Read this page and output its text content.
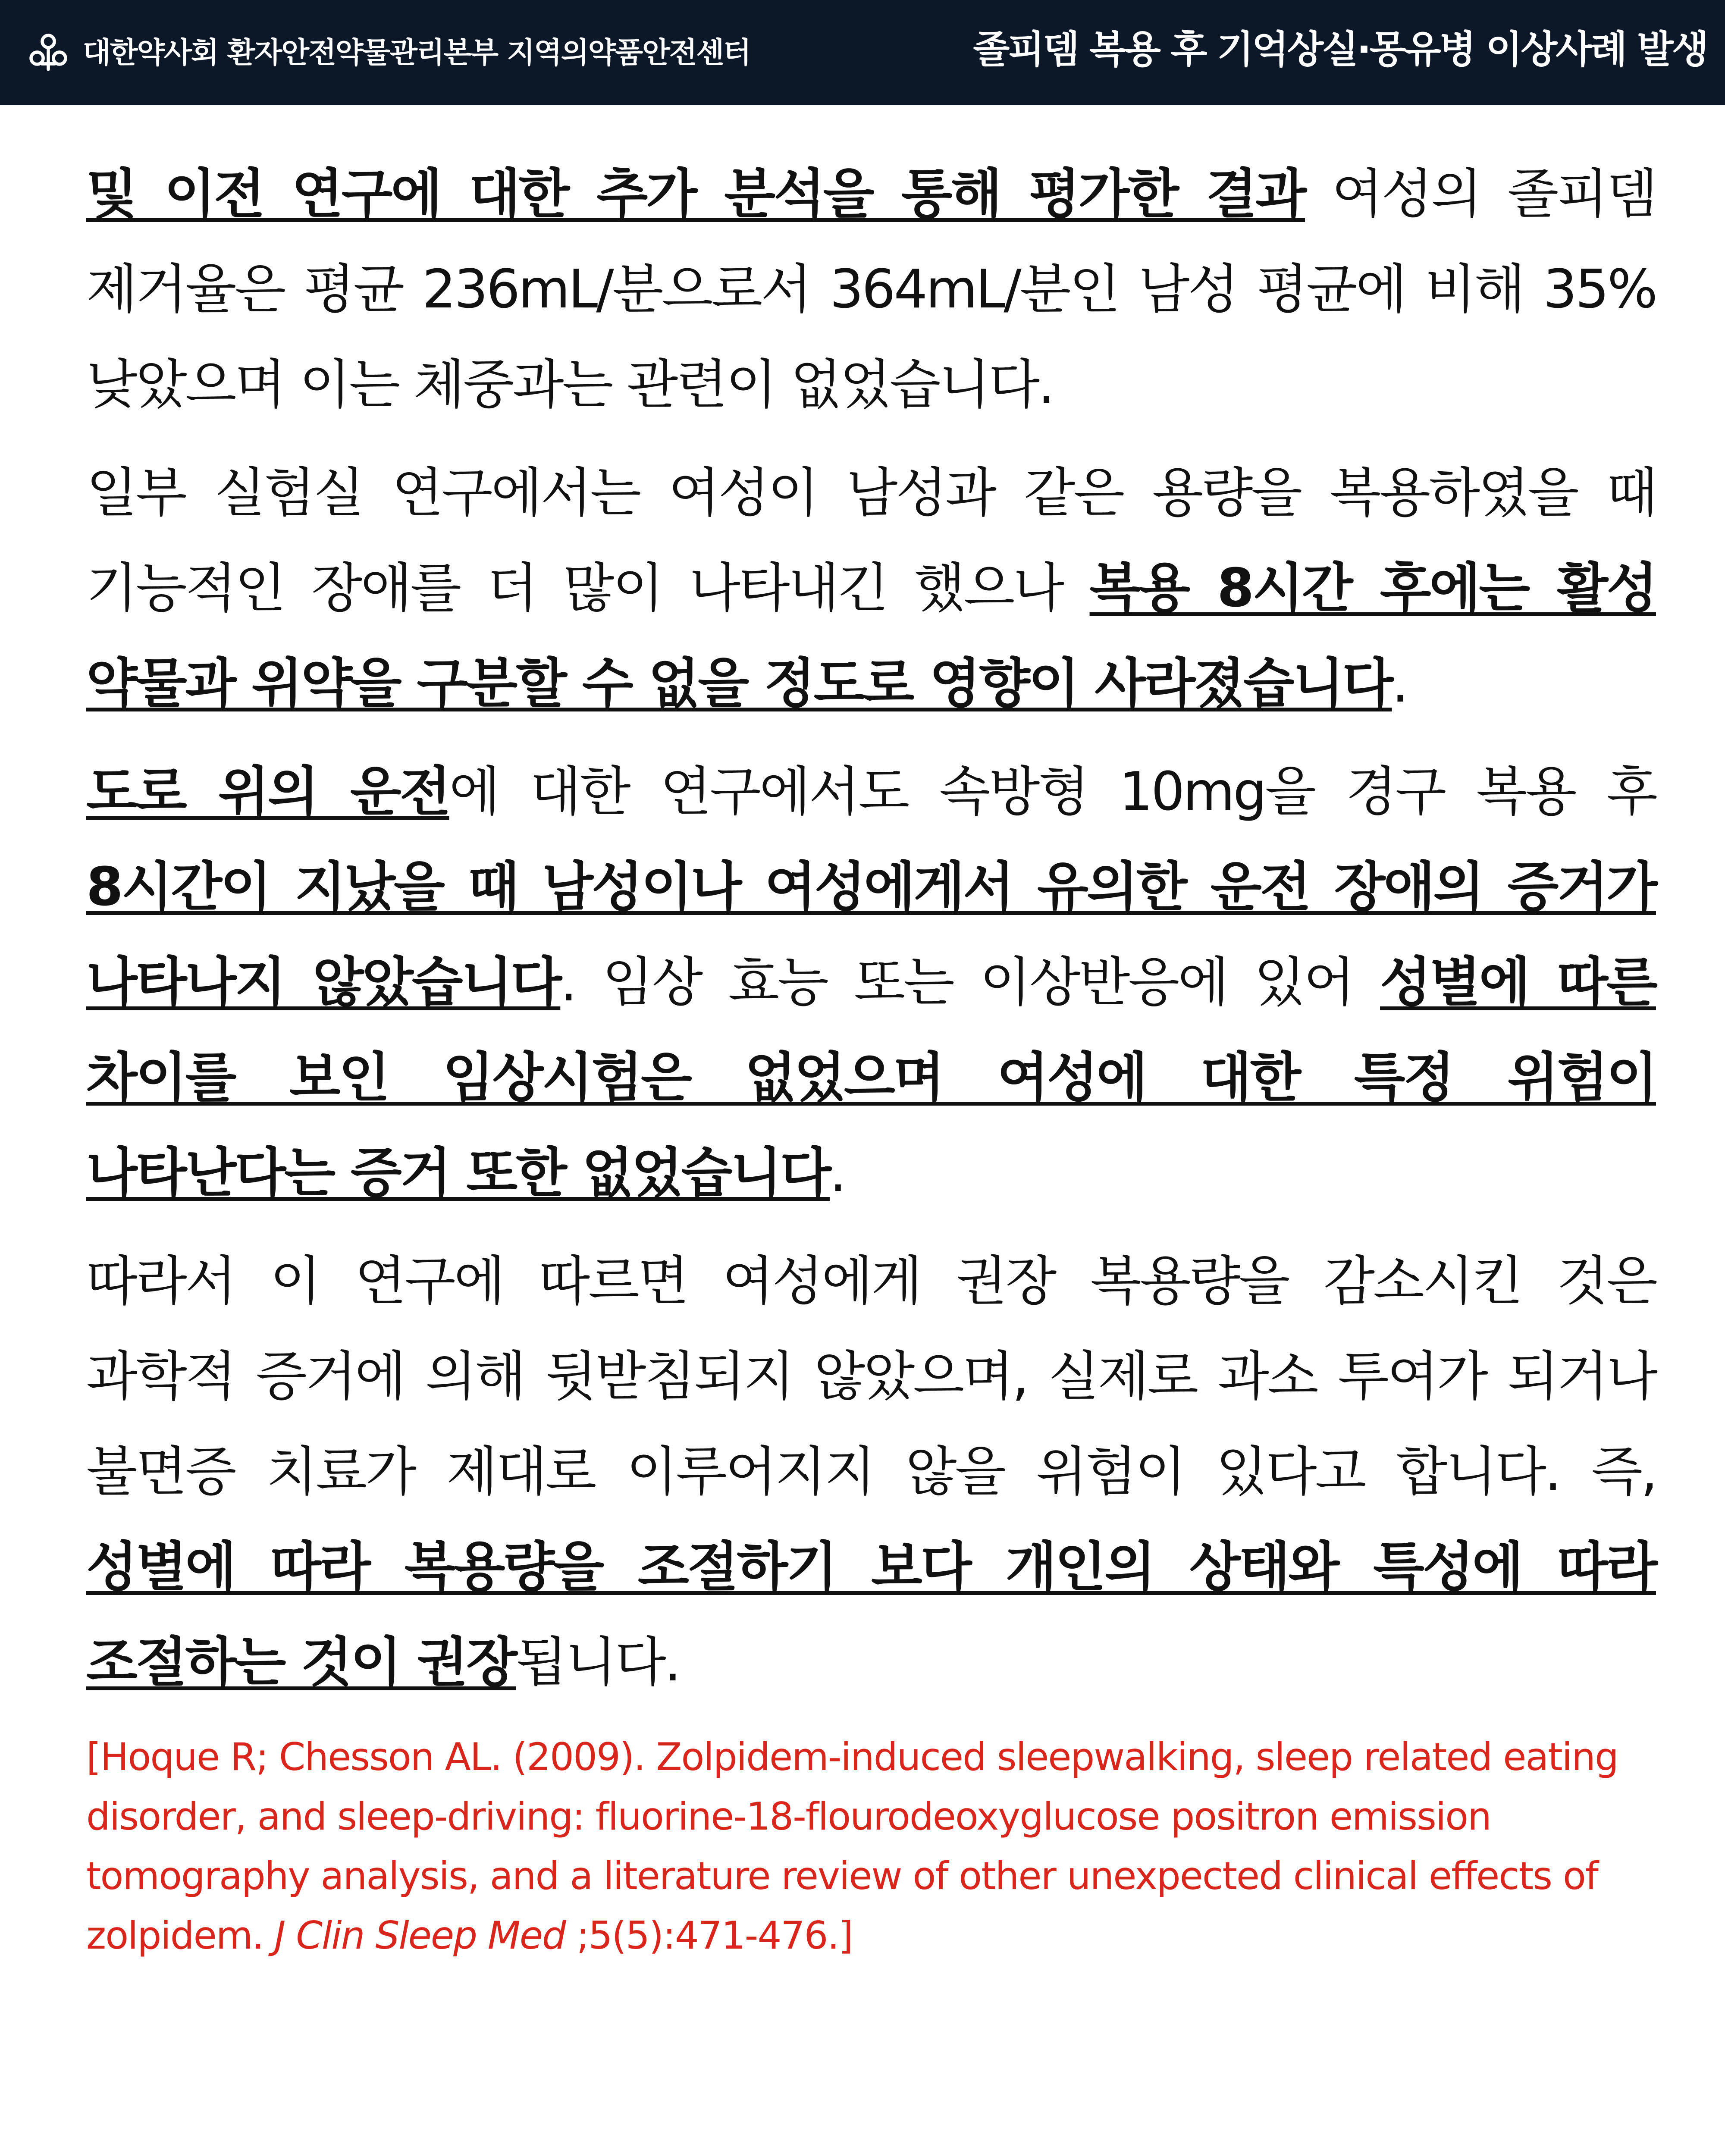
대한약사회 환자안전약물관리본부 지역의약품안전센터	졸피뎀 복용 후 기억상실·몽유병 이상사례 발생

및 이전 연구에 대한 추가 분석을 통해 평가한 결과 여성의 졸피뎀 제거율은 평균 236mL/분으로서 364mL/분인 남성 평균에 비해 35% 낮았으며 이는 체중과는 관련이 없었습니다.

일부 실험실 연구에서는 여성이 남성과 같은 용량을 복용하였을 때 기능적인 장애를 더 많이 나타내긴 했으나 복용 8시간 후에는 활성 약물과 위약을 구분할 수 없을 정도로 영향이 사라졌습니다.

도로 위의 운전에 대한 연구에서도 속방형 10mg을 경구 복용 후 8시간이 지났을 때 남성이나 여성에게서 유의한 운전 장애의 증거가 나타나지 않았습니다. 임상 효능 또는 이상반응에 있어 성별에 따른 차이를 보인 임상시험은 없었으며 여성에 대한 특정 위험이 나타난다는 증거 또한 없었습니다.

따라서 이 연구에 따르면 여성에게 권장 복용량을 감소시킨 것은 과학적 증거에 의해 뒷받침되지 않았으며, 실제로 과소 투여가 되거나 불면증 치료가 제대로 이루어지지 않을 위험이 있다고 합니다. 즉, 성별에 따라 복용량을 조절하기 보다 개인의 상태와 특성에 따라 조절하는 것이 권장됩니다.

[Hoque R; Chesson AL. (2009). Zolpidem-induced sleepwalking, sleep related eating disorder, and sleep-driving: fluorine-18-flourodeoxyglucose positron emission tomography analysis, and a literature review of other unexpected clinical effects of zolpidem. J Clin Sleep Med ;5(5):471-476.]
